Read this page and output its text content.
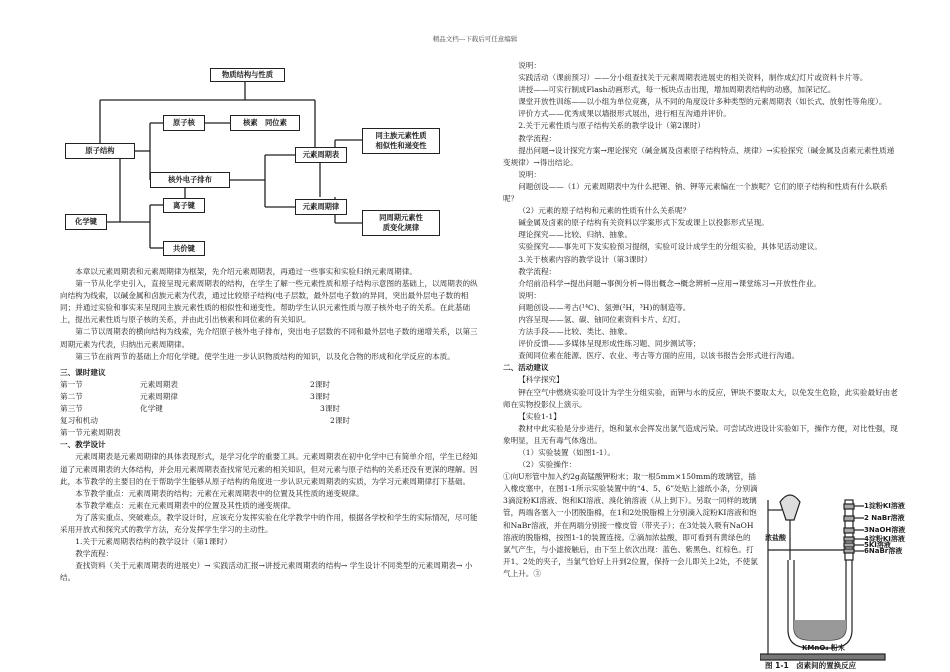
精品文档---下载后可任意编辑
物质结构与性质
原子结构
原子核	核素　同位素
核外电子排布
元素周期表
元素周期律
同主族元素性质
相似性和递变性
同周期元素性
质变化规律
化学键
离子键
共价键

本章以元素周期表和元素周期律为框架，先介绍元素周期表，再通过一些事实和实验归纳元素周期律。

第一节从化学史引入，直接呈现元素周期表的结构，在学生了解一些元素性质和原子结构示意图的基础上，以周期表的纵向结构为线索，以碱金属和卤族元素为代表，通过比较原子结构(电子层数，最外层电子数)的异同，突出最外层电子数的相同；并通过实验和事实来呈现同主族元素性质的相似性和递变性。帮助学生认识元素性质与原子核外电子的关系。在此基础上，提出元素性质与原子核的关系，并由此引出核素和同位素的有关知识。

第二节以周期表的横向结构为线索，先介绍原子核外电子排布，突出电子层数的不同和最外层电子数的递增关系，以第三周期元素为代表，归纳出元素周期律。

第三节在前两节的基础上介绍化学键。使学生进一步认识物质结构的知识，以及化合物的形成和化学反应的本质。

三、课时建议

第一节	元素周期表	2课时
第二节	元素周期律	3课时
第三节	化学键	3课时
复习和机动		2课时

第一节元素周期表

一、教学设计

元素周期表是元素周期律的具体表现形式，是学习化学的重要工具。元素周期表在初中化学中已有简单介绍，学生已经知道了元素周期表的大体结构，并会用元素周期表查找常见元素的相关知识，但对元素与原子结构的关系还没有更深的理解。因此，本节教学的主要目的在于帮助学生能够从原子结构的角度进一步认识元素周期表的实质，为学习元素周期律打下基础。

本节教学重点：元素周期表的结构；元素在元素周期表中的位置及其性质的递变规律。

本节教学难点：元素在元素周期表中的位置及其性质的递变规律。

为了落实重点、突破难点，教学设计时，应该充分发挥实验在化学教学中的作用，根据各学校和学生的实际情况，尽可能采用开放式和探究式的教学方法，充分发挥学生学习的主动性。

1.关于元素周期表结构的教学设计（第1课时）

教学流程：

查找资料（关于元素周期表的进展史）→ 实践活动汇报→讲授元素周期表的结构→ 学生设计不同类型的元素周期表→ 小结。

说明：

实践活动（课前预习）——分小组查找关于元素周期表进展史的相关资料，制作成幻灯片或资料卡片等。

讲授——可实行制成Flash动画形式，每一板块点击出现，增加周期表结构的动感，加深记忆。

课堂开放性训练——以小组为单位竞赛，从不同的角度设计多种类型的元素周期表（如长式、放射性等角度）。

评价方式——优秀成果以墙报形式展出，进行相互沟通并评价。

2.关于元素性质与原子结构关系的教学设计（第2课时）

教学流程：

提出问题→设计探究方案→理论探究（碱金属及卤素原子结构特点、规律）→实验探究（碱金属及卤素元素性质递变规律）→得出结论。

说明：

问题创设——（1）元素周期表中为什么把锂、钠、钾等元素编在一个族呢？它们的原子结构和性质有什么联系呢？

（2）元素的原子结构和元素的性质有什么关系呢？

碱金属及卤素的原子结构有关资料以学案形式下发或课上以投影形式呈现。

理论探究——比较、归纳、抽象。

实验探究——事先可下发实验预习提纲，实验可设计成学生的分组实验，具体见活动建议。

3.关于核素内容的教学设计（第3课时）

教学流程：

介绍前沿科学→提出问题→事例分析→得出概念→概念辨析→应用→课堂练习→开放性作业。

说明：

问题创设——考古(¹⁴C)、氢弹(²H，³H)的制造等。

内容呈现——氢、碳、铀同位素资料卡片、幻灯。

方法手段——比较、类比、抽象。

评价反馈——多媒体呈现形成性练习题、同步测试等；

查阅同位素在能源、医疗、农业、考古等方面的应用，以该书报告会形式进行沟通。

二、活动建议

【科学探究】

钾在空气中燃烧实验可设计为学生分组实验，而钾与水的反应，钾块不要取太大，以免发生危险，此实验最好由老师在实物投影仪上演示。

【实验1-1】

教材中此实验是分步进行，饱和氯水会挥发出氯气造成污染。可尝试改进设计实验如下，操作方便，对比性强，现象明显，且无有毒气体逸出。

（1）实验装置（如图1-1）。

（2）实验操作：

①向U形管中加入约2g高锰酸钾粉末；取一根5mm×150mm的玻璃管，插入橡皮塞中，在图1-1所示实验装置中的“4、5、6”处贴上滤纸小条，分别滴3滴淀粉KI溶液、饱和KI溶液、溴化钠溶液（从上到下）。另取一同样的玻璃管，两端各塞入一小团脱脂棉，在1和2处脱脂棉上分别滴入淀粉KI溶液和饱和NaBr溶液，并在两端分别接一橡皮管（带夹子）；在3处装入吸有NaOH溶液的脱脂棉，按图1-1的装置连接。②滴加浓盐酸，即可看到有黄绿色的氯气产生，与小滤接触后，由下至上依次出现：蓝色、紫黑色、红棕色。打开1、2处的夹子，当氯气恰好上升到2位置，保持一会儿即关上2处，不使氯气上升。③

浓盐酸
1淀粉KI溶液
2 NaBr溶液
3NaOH溶液
4淀粉KI溶液
5KI溶液
6NaBr溶液
KMnO₄ 粉末
图 1-1　卤素间的置换反应
